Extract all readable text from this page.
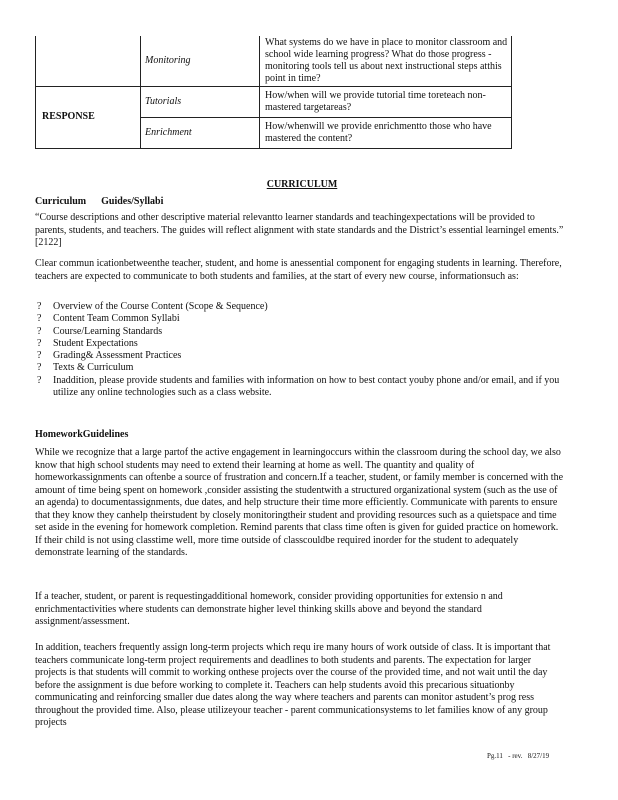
	Monitoring	What systems do we have in place to monitor classroom and school wide learning progress? What do those progress -monitoring tools tell us about next instructional steps atthis point in time?
RESPONSE	Tutorials	How/when will we provide tutorial time toreteach non-mastered targetareas?
	Enrichment	How/whenwill we provide enrichmentto those who have mastered the content?
CURRICULUM
Curriculum      Guides/Syllabi
“Course descriptions and other descriptive material relevantto learner standards and teachingexpectations will be provided to parents, students, and teachers. The guides will reflect alignment with state standards and the District’s essential learningel ements.” [2122]
Clear commun icationbetweenthe teacher, student, and home is anessential component for engaging students in learning. Therefore, teachers are expected to communicate to both students and families, at the start of every new course, informationsuch as:
? Overview of the Course Content (Scope & Sequence)
? Content Team Common Syllabi
? Course/Learning Standards
? Student Expectations
? Grading& Assessment Practices
? Texts & Curriculum
? Inaddition, please provide students and families with information on how to best contact youby phone and/or email, and if you utilize any online technologies such as a class website.
HomeworkGuidelines
While we recognize that a large partof the active engagement in learningoccurs within the classroom during the school day, we also know that high school students may need to extend their learning at home as well. The quantity and quality of homeworkassignments can oftenbe a source of frustration and concern.If a teacher, student, or family member is concerned with the amount of time being spent on homework ,consider assisting the studentwith a structured organizational system (such as the use of an agenda) to documentassignments, due dates, and help structure their time more efficiently. Communicate with parents to ensure that they know they canhelp theirstudent by closely monitoringtheir student and providing resources such as a quietspace and time set aside in the evening for homework completion. Remind parents that class time often is given for guided practice on homework. If their child is not using classtime well, more time outside of classcouldbe required inorder for the student to adequately demonstrate learning of the standards.
If a teacher, student, or parent is requestingadditional homework, consider providing opportunities for extensio n and enrichmentactivities where students can demonstrate higher level thinking skills above and beyond the standard assignment/assessment.
In addition, teachers frequently assign long-term projects which requ ire many hours of work outside of class. It is important that teachers communicate long-term project requirements and deadlines to both students and parents. The expectation for larger projects is that students will commit to working onthese projects over the course of the provided time, and not wait until the day before the assignment is due before working to complete it. Teachers can help students avoid this precarious situationby communicating and reinforcing smaller due dates along the way where teachers and parents can monitor astudent’s prog ress throughout the provided time. Also, please utilizeyour teacher - parent communicationsystems to let families know of any group projects
Pg.11   - rev.   8/27/19
